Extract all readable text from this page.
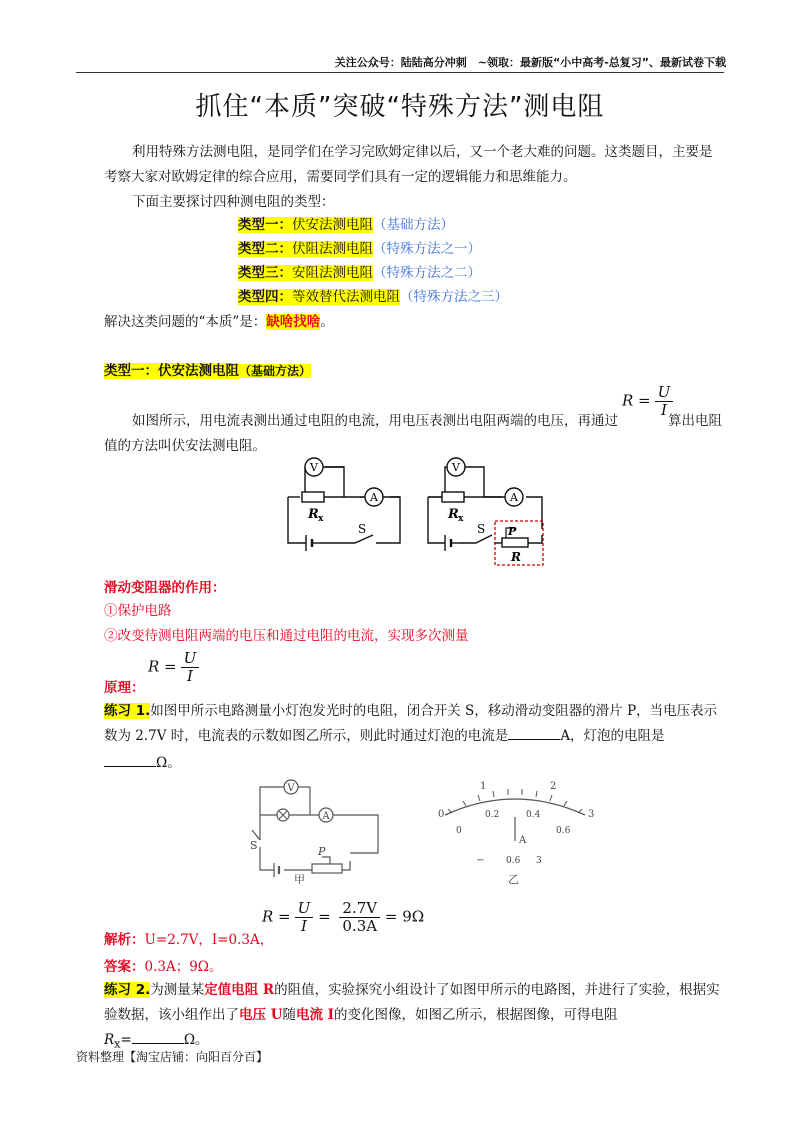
关注公众号：陆陆高分冲刺　~领取：最新版“小中高考-总复习”、最新试卷下载
抓住“本质”突破“特殊方法”测电阻
利用特殊方法测电阻，是同学们在学习完欧姆定律以后，又一个老大难的问题。这类题目，主要是考察大家对欧姆定律的综合应用，需要同学们具有一定的逻辑能力和思维能力。
下面主要探讨四种测电阻的类型：
类型一：伏安法测电阻（基础方法）
类型二：伏阻法测电阻（特殊方法之一）
类型三：安阻法测电阻（特殊方法之二）
类型四：等效替代法测电阻（特殊方法之三）
解决这类问题的“本质”是：缺啥找啥。
类型一：伏安法测电阻（基础方法）
$R = \frac{U}{I}$
如图所示，用电流表测出通过电阻的电流，用电压表测出电阻两端的电压，再通过	算出电阻
值的方法叫伏安法测电阻。
V
A
R x
S
V
A
R x
S P
R
滑动变阻器的作用：
①保护电路
②改变待测电阻两端的电压和通过电阻的电流，实现多次测量
$R = \frac{U}{I}$
原理：
练习 1.如图甲所示电路测量小灯泡发光时的电阻，闭合开关 S，移动滑动变阻器的滑片 P，当电压表示数为 2.7V 时，电流表的示数如图乙所示，则此时通过灯泡的电流是	A，灯泡的电阻是
Ω。
V
A
S	P
甲
0
1	2
3
0
0.2	0.4
0.6
A
− 0.6 3
乙
$R = \frac{U}{I} = \frac{2.7V}{0.3A} = 9\Omega$
解析：U=2.7V，I=0.3A，
答案：0.3A；9Ω。
练习 2.为测量某定值电阻 R的阻值，实验探究小组设计了如图甲所示的电路图，并进行了实验，根据实验数据，该小组作出了电压 U随电流 I的变化图像，如图乙所示，根据图像，可得电阻
$R_x=$	Ω。
资料整理【淘宝店铺：向阳百分百】
